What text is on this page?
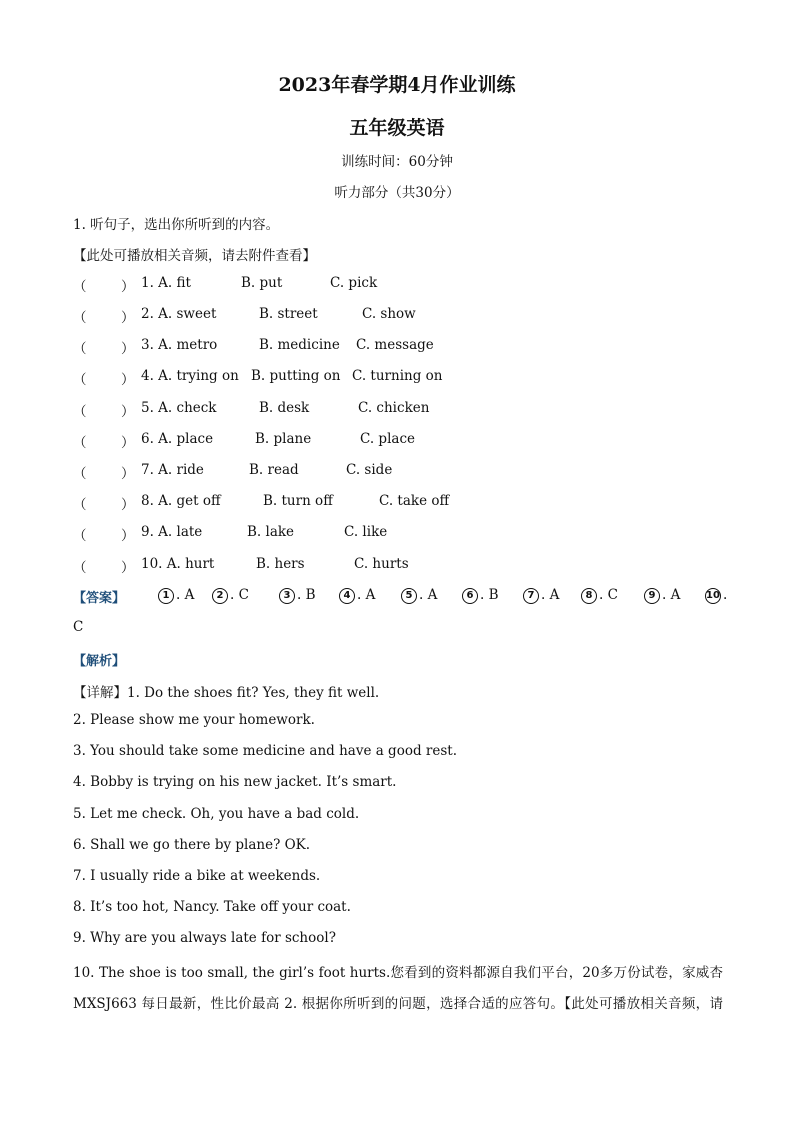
2023年春学期4月作业训练
五年级英语
训练时间：60分钟
听力部分（共30分）
1. 听句子，选出你所听到的内容。
【此处可播放相关音频，请去附件查看】
（	） 1. A. fit	B. put	C. pick
（	） 2. A. sweet	B. street	C. show
（	） 3. A. metro	B. medicine C. message
（	） 4. A. trying on B. putting on C. turning on
（	） 5. A. check	B. desk	C. chicken
（	） 6. A. place	B. plane	C. place
（	） 7. A. ride	B. read	C. side
（	） 8. A. get off	B. turn off	C. take off
（	） 9. A. late	B. lake	C. like
（	） 10. A. hurt	B. hers	C. hurts
【答案】	1 . A	2 . C	3 . B	4 . A	5 . A	6 . B	7 . A	8 . C	9 . A	10 .
C
【解析】
【详解】1. Do the shoes fit? Yes, they fit well.
2. Please show me your homework.
3. You should take some medicine and have a good rest.
4. Bobby is trying on his new jacket. It’s smart.
5. Let me check. Oh, you have a bad cold.
6. Shall we go there by plane? OK.
7. I usually ride a bike at weekends.
8. It’s too hot, Nancy. Take off your coat.
9. Why are you always late for school?
10. The shoe is too small, the girl’s foot hurts.您看到的资料都源自我们平台，20多万份试卷，家威杏
MXSJ663 每日最新，性比价最高 2. 根据你所听到的问题，选择合适的应答句。【此处可播放相关音频，请
